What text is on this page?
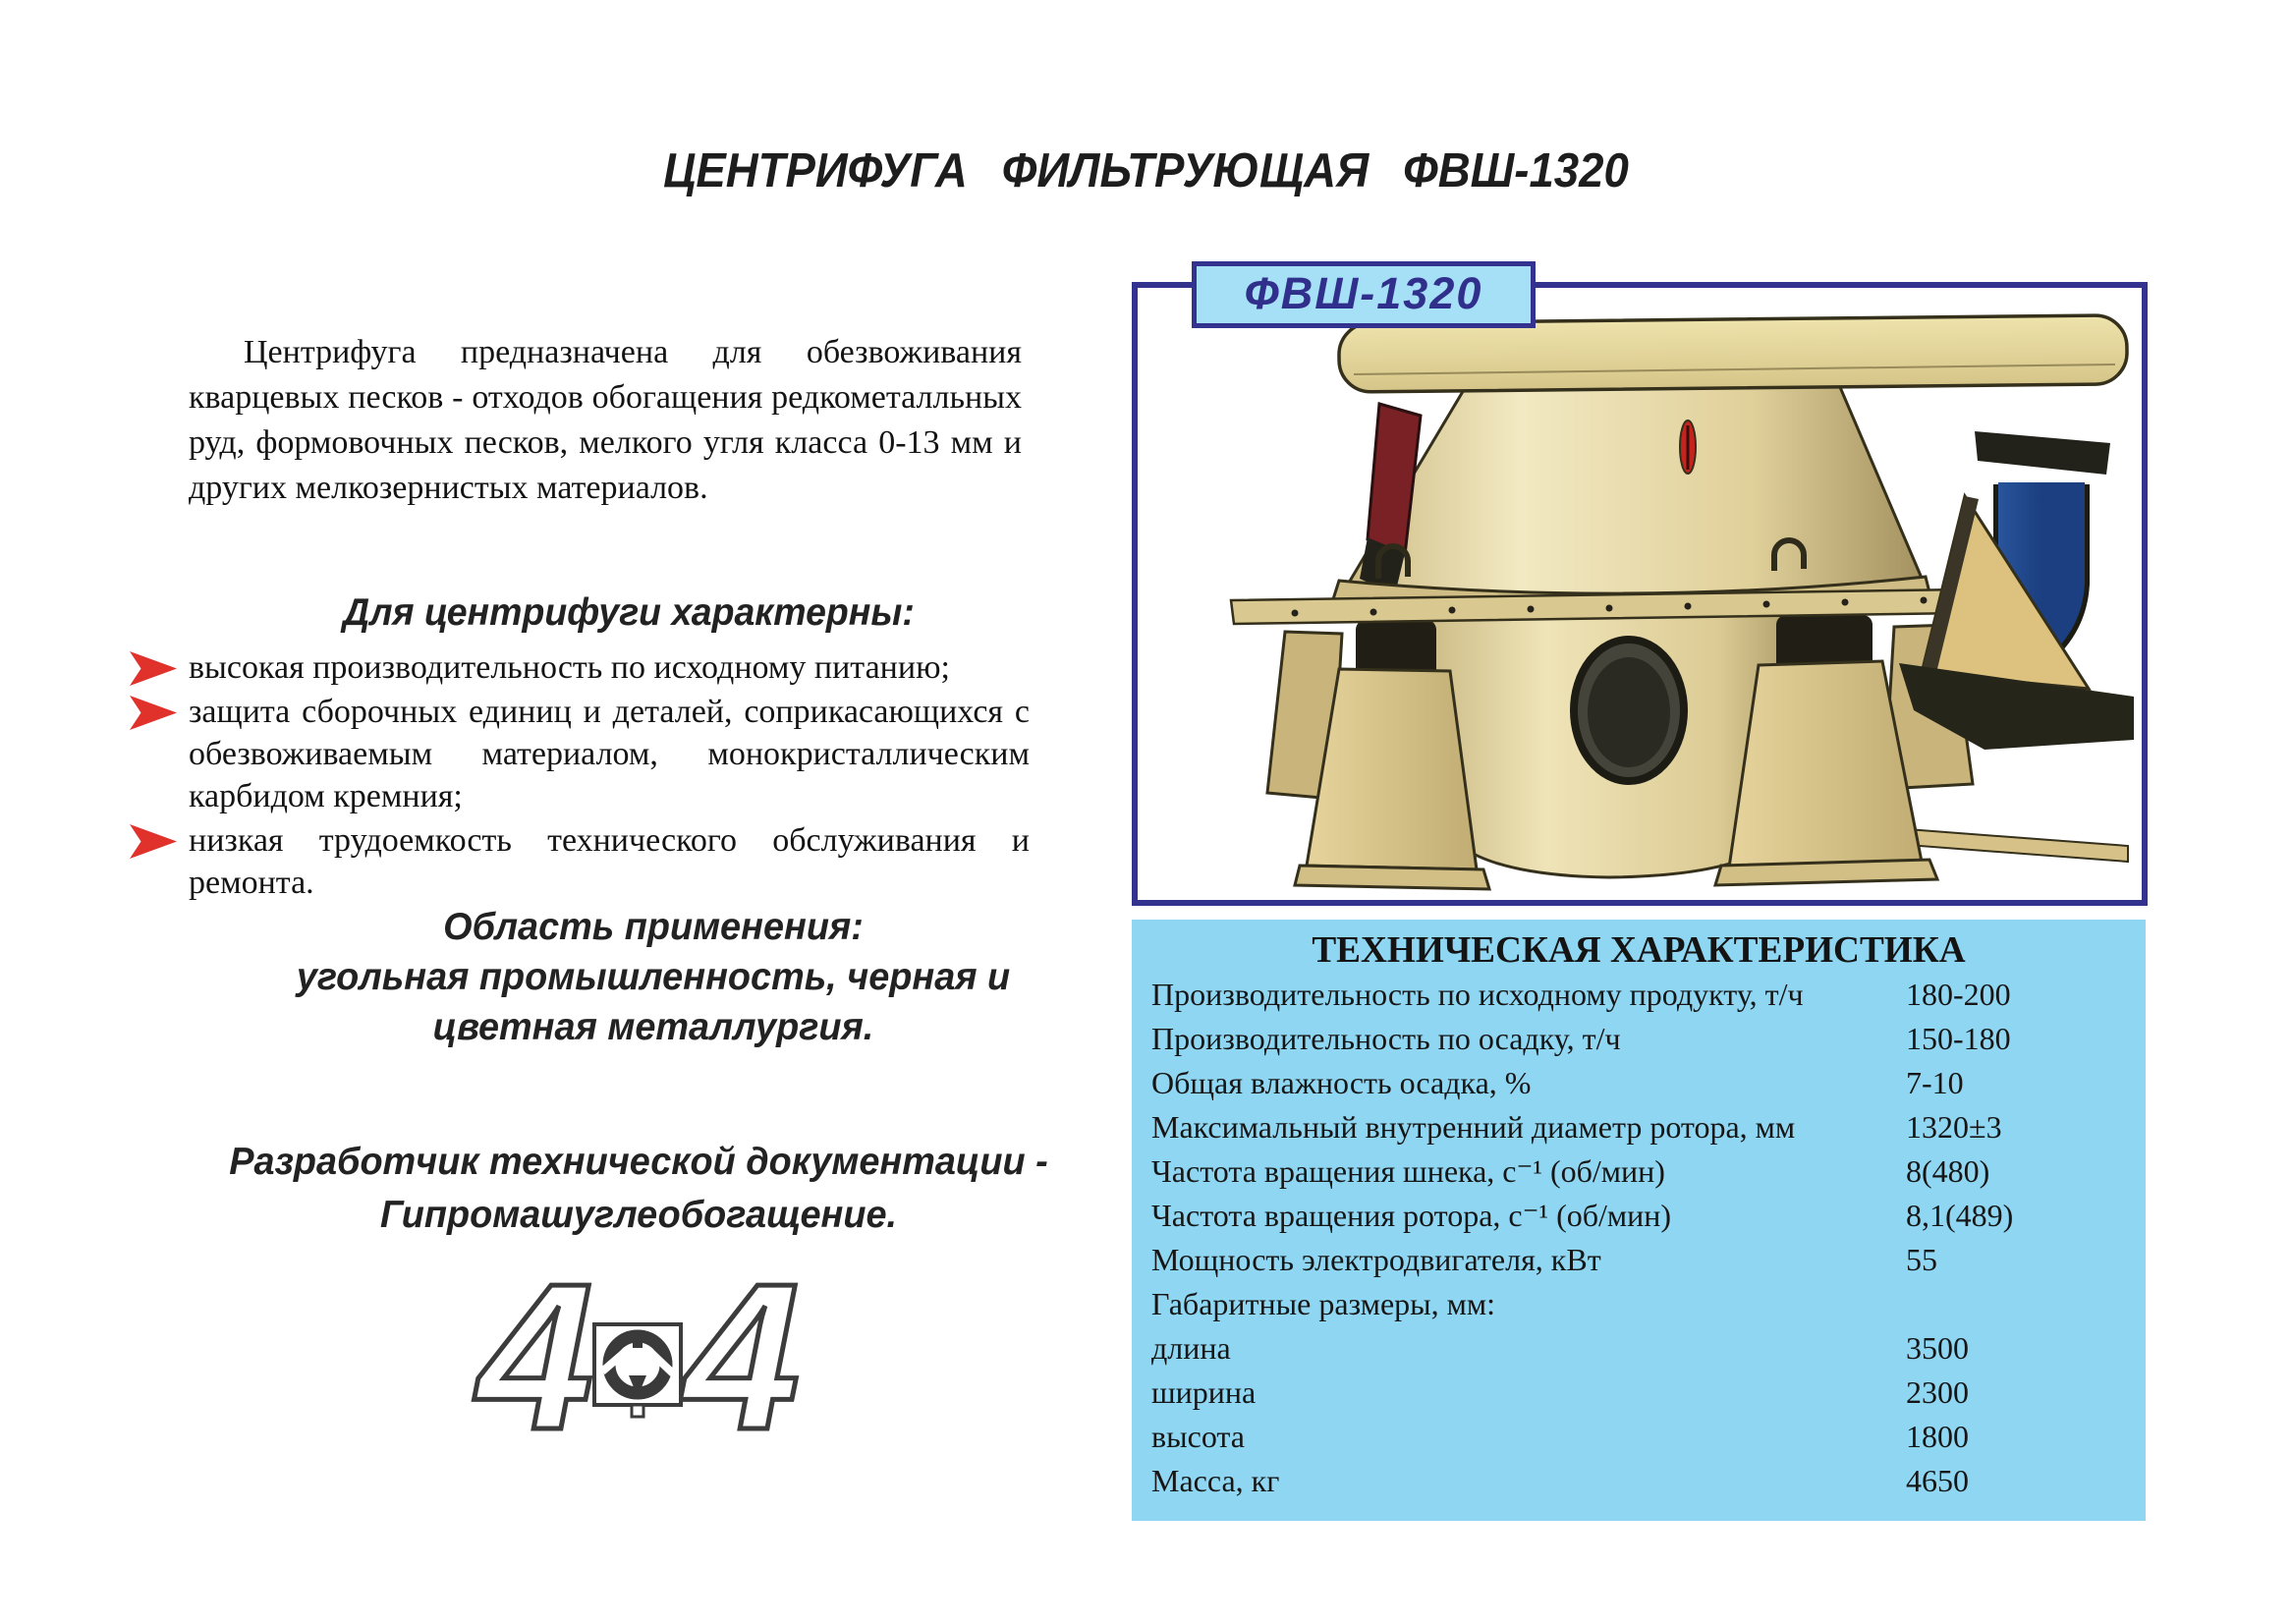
ЦЕНТРИФУГА ФИЛЬТРУЮЩАЯ ФВШ-1320
Центрифуга предназначена для обезвоживания кварцевых песков - отходов обогащения редкометалльных руд, формовочных песков, мелкого угля класса 0-13 мм и других мелкозернистых материалов.
Для центрифуги характерны:
высокая производительность по исходному питанию;
защита сборочных единиц и деталей, соприкасающихся с обезвоживаемым материалом, монокристаллическим карбидом кремния;
низкая трудоемкость технического обслуживания и ремонта.
Область применения:
угольная промышленность, черная и
цветная металлургия.
Разработчик технической документации -
Гипромашуглеобогащение.
4 4
ФВШ-1320
ТЕХНИЧЕСКАЯ ХАРАКТЕРИСТИКА
Производительность по исходному продукту, т/ч	180-200
Производительность по осадку, т/ч	150-180
Общая влажность осадка, %	7-10
Максимальный внутренний диаметр ротора, мм	1320±3
Частота вращения шнека, с⁻¹ (об/мин)	8(480)
Частота вращения ротора, с⁻¹ (об/мин)	8,1(489)
Мощность электродвигателя, кВт	55
Габаритные размеры, мм:
длина	3500
ширина	2300
высота	1800
Масса, кг	4650
